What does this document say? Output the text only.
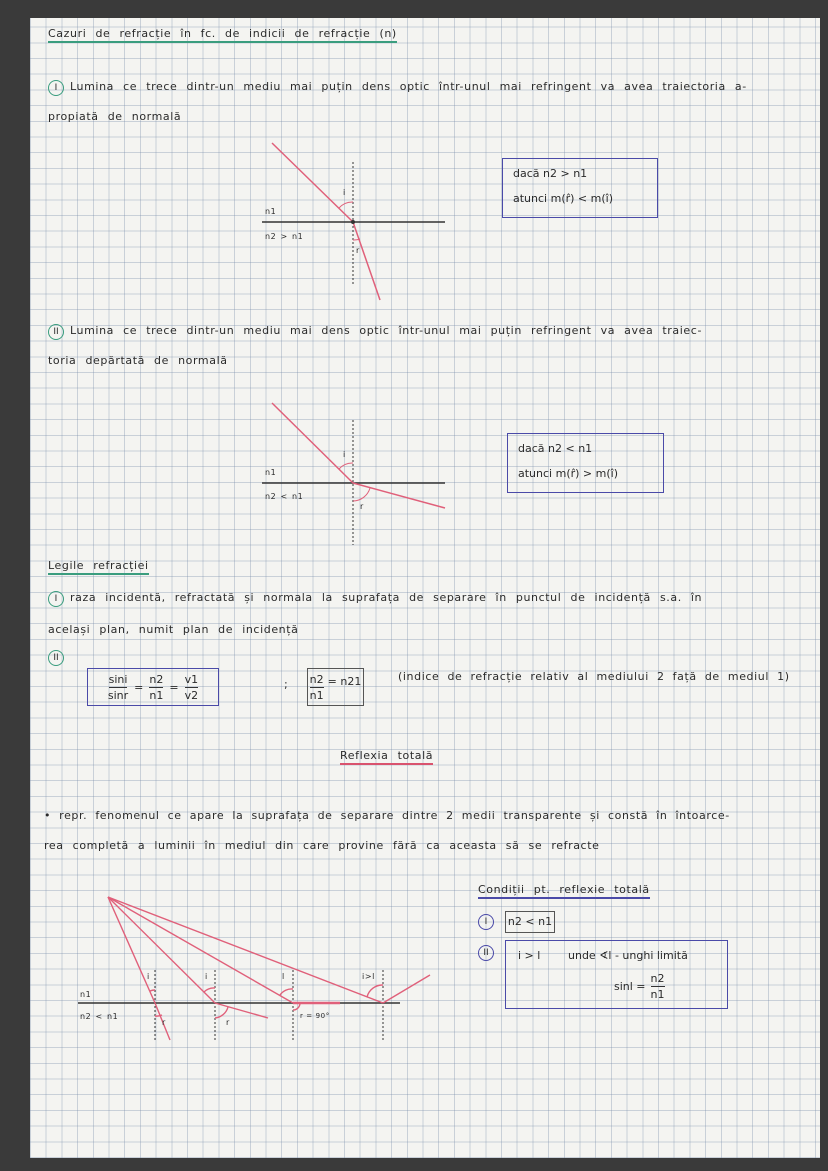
Cazuri de refracție în fc. de indicii de refracție (n)
I Lumina ce trece dintr-un mediu mai puțin dens optic într-unul mai refringent va avea traiectoria a-
propiată de normală
n1
n2 > n1
i
r
dacă n2 > n1
atunci m(r̂) < m(î)
II Lumina ce trece dintr-un mediu mai dens optic într-unul mai puțin refringent va avea traiec-
toria depărtată de normală
n1
n2 < n1
i
r
dacă n2 < n1
atunci m(r̂) > m(î)
Legile refracției
I raza incidentă, refractată și normala la suprafața de separare în punctul de incidență s.a. în
același plan, numit plan de incidență
II
$\frac{\sin i}{\sin r} = \frac{n2}{n1} = \frac{v1}{v2}$	; $\frac{n2}{n1} = n21$	(indice de refracție relativ al mediului 2 față de mediul 1)
Reflexia totală
• repr. fenomenul ce apare la suprafața de separare dintre 2 medii transparente și constă în întoarce-
rea completă a luminii în mediul din care provine fără ca aceasta să se refracte
n1
n2 < n1
i	i	l	i>l
r	r
r = 90°
Condiții pt. reflexie totală
I	n2 < n1
II	i > l	unde ∢l - unghi limită
$\sin l = \frac{n2}{n1}$
